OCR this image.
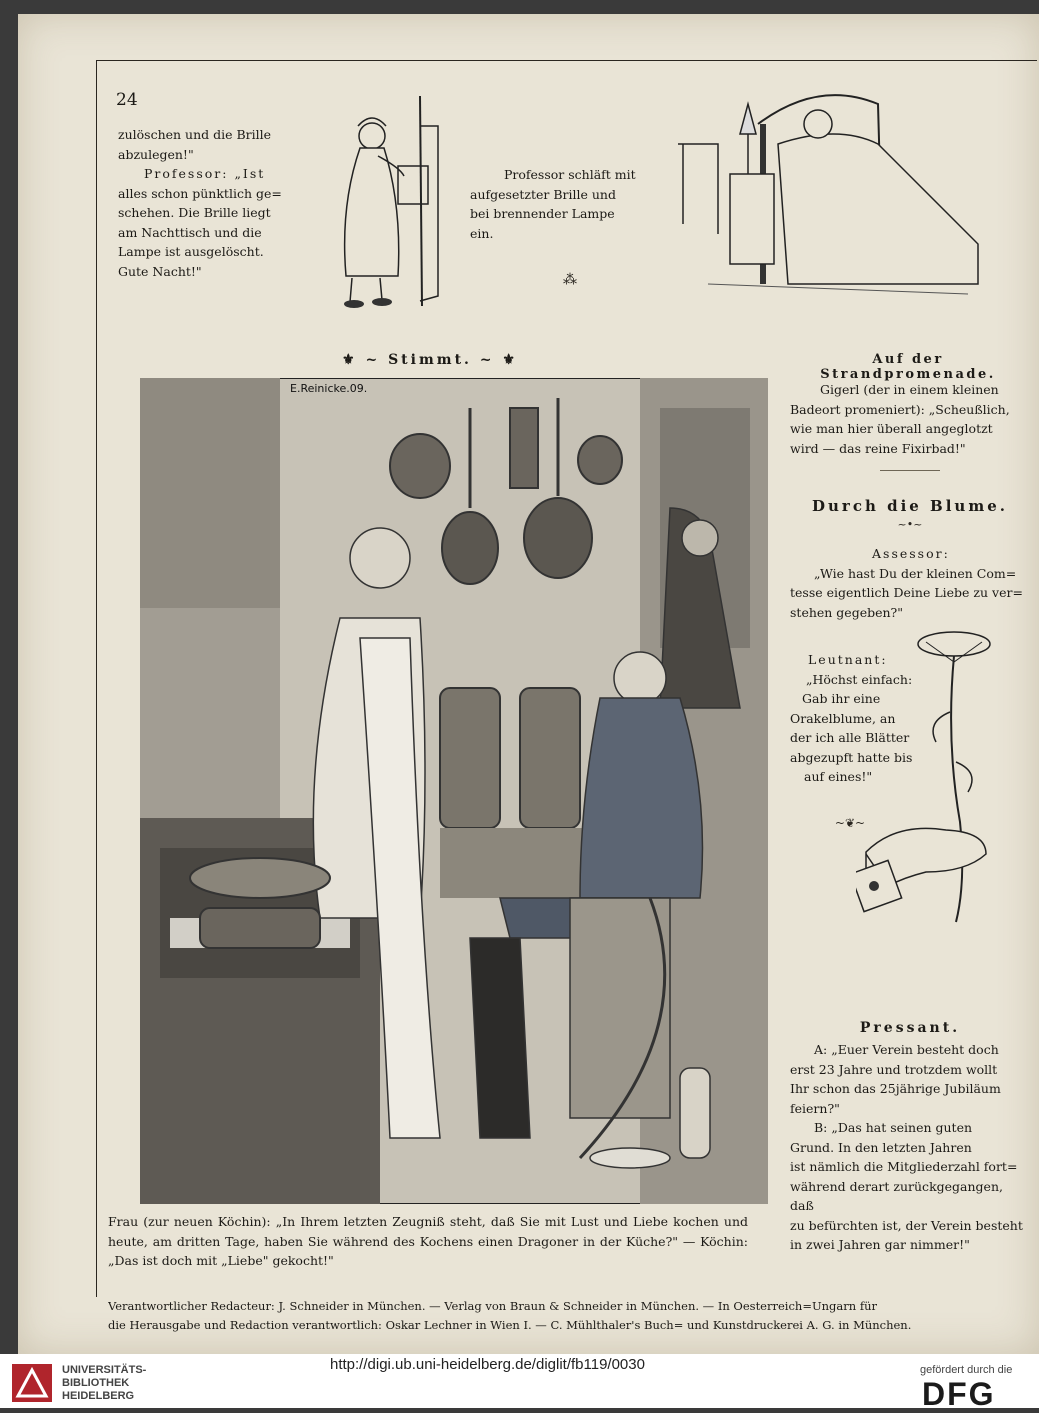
24

zulöschen und die Brille

abzulegen!"

Professor: „Ist

alles schon pünktlich ge=

schehen. Die Brille liegt

am Nachttisch und die

Lampe ist ausgelöscht.

Gute Nacht!"

Professor schläft mit

aufgesetzter Brille und

bei brennender Lampe

ein.

⁂
⚜ ~ Stimmt. ~ ⚜
E.Reinicke.09.
Frau (zur neuen Köchin): „In Ihrem letzten Zeugniß steht, daß Sie mit Lust und Liebe kochen und heute, am dritten Tage, haben Sie während des Kochens einen Dragoner in der Küche?" — Köchin: „Das ist doch mit „Liebe" gekocht!"
Auf der Strandpromenade.

Gigerl (der in einem kleinen

Badeort promeniert): „Scheußlich,

wie man hier überall angeglotzt

wird — das reine Fixirbad!"

Durch die Blume.
~•~

Assessor:

„Wie hast Du der kleinen Com=

tesse eigentlich Deine Liebe zu ver=

stehen gegeben?"

Leutnant:

„Höchst einfach:

Gab ihr eine

Orakelblume, an

der ich alle Blätter

abgezupft hatte bis

auf eines!"

~❦~
Pressant.

A: „Euer Verein besteht doch

erst 23 Jahre und trotzdem wollt

Ihr schon das 25jährige Jubiläum

feiern?"

B: „Das hat seinen guten

Grund. In den letzten Jahren

ist nämlich die Mitgliederzahl fort=

während derart zurückgegangen, daß

zu befürchten ist, der Verein besteht

in zwei Jahren gar nimmer!"

Verantwortlicher Redacteur: J. Schneider in München. — Verlag von Braun & Schneider in München. — In Oesterreich=Ungarn für
die Herausgabe und Redaction verantwortlich: Oskar Lechner in Wien I. — C. Mühlthaler's Buch= und Kunstdruckerei A. G. in München.
UNIVERSITÄTS-
BIBLIOTHEK
HEIDELBERG
http://digi.ub.uni-heidelberg.de/diglit/fb119/0030	gefördert durch die
DFG
